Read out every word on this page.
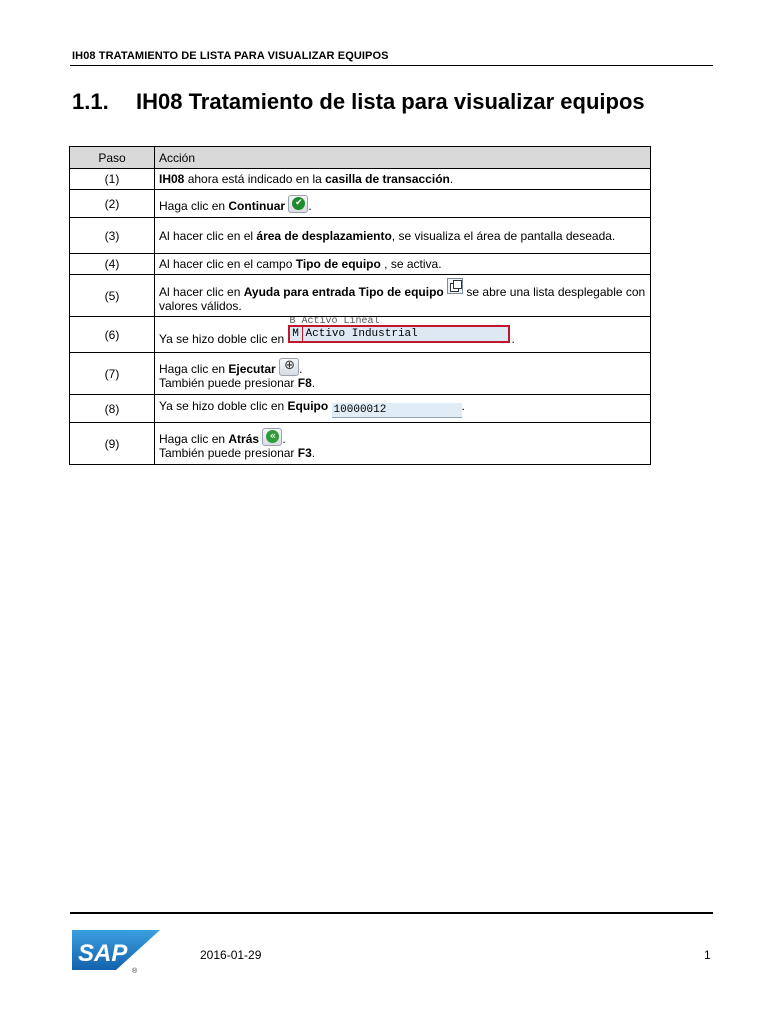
IH08 TRATAMIENTO DE LISTA PARA VISUALIZAR EQUIPOS
1.1. IH08 Tratamiento de lista para visualizar equipos
Paso	Acción
(1)	IH08 ahora está indicado en la casilla de transacción.
(2)	Haga clic en Continuar ✔ .
(3)	Al hacer clic en el área de desplazamiento, se visualiza el área de pantalla deseada.
(4)	Al hacer clic en el campo Tipo de equipo , se activa.
(5)	Al hacer clic en Ayuda para entrada Tipo de equipo  se abre una lista desplegable con valores válidos.
(6)	Ya se hizo doble clic en
B Activo Lineal
M Activo Industrial .
(7)	Haga clic en Ejecutar ⊕ .
También puede presionar F8.
(8)	Ya se hizo doble clic en Equipo 10000012 .
(9)	Haga clic en Atrás « .
También puede presionar F3.
SAP
®
2016-01-29	1
